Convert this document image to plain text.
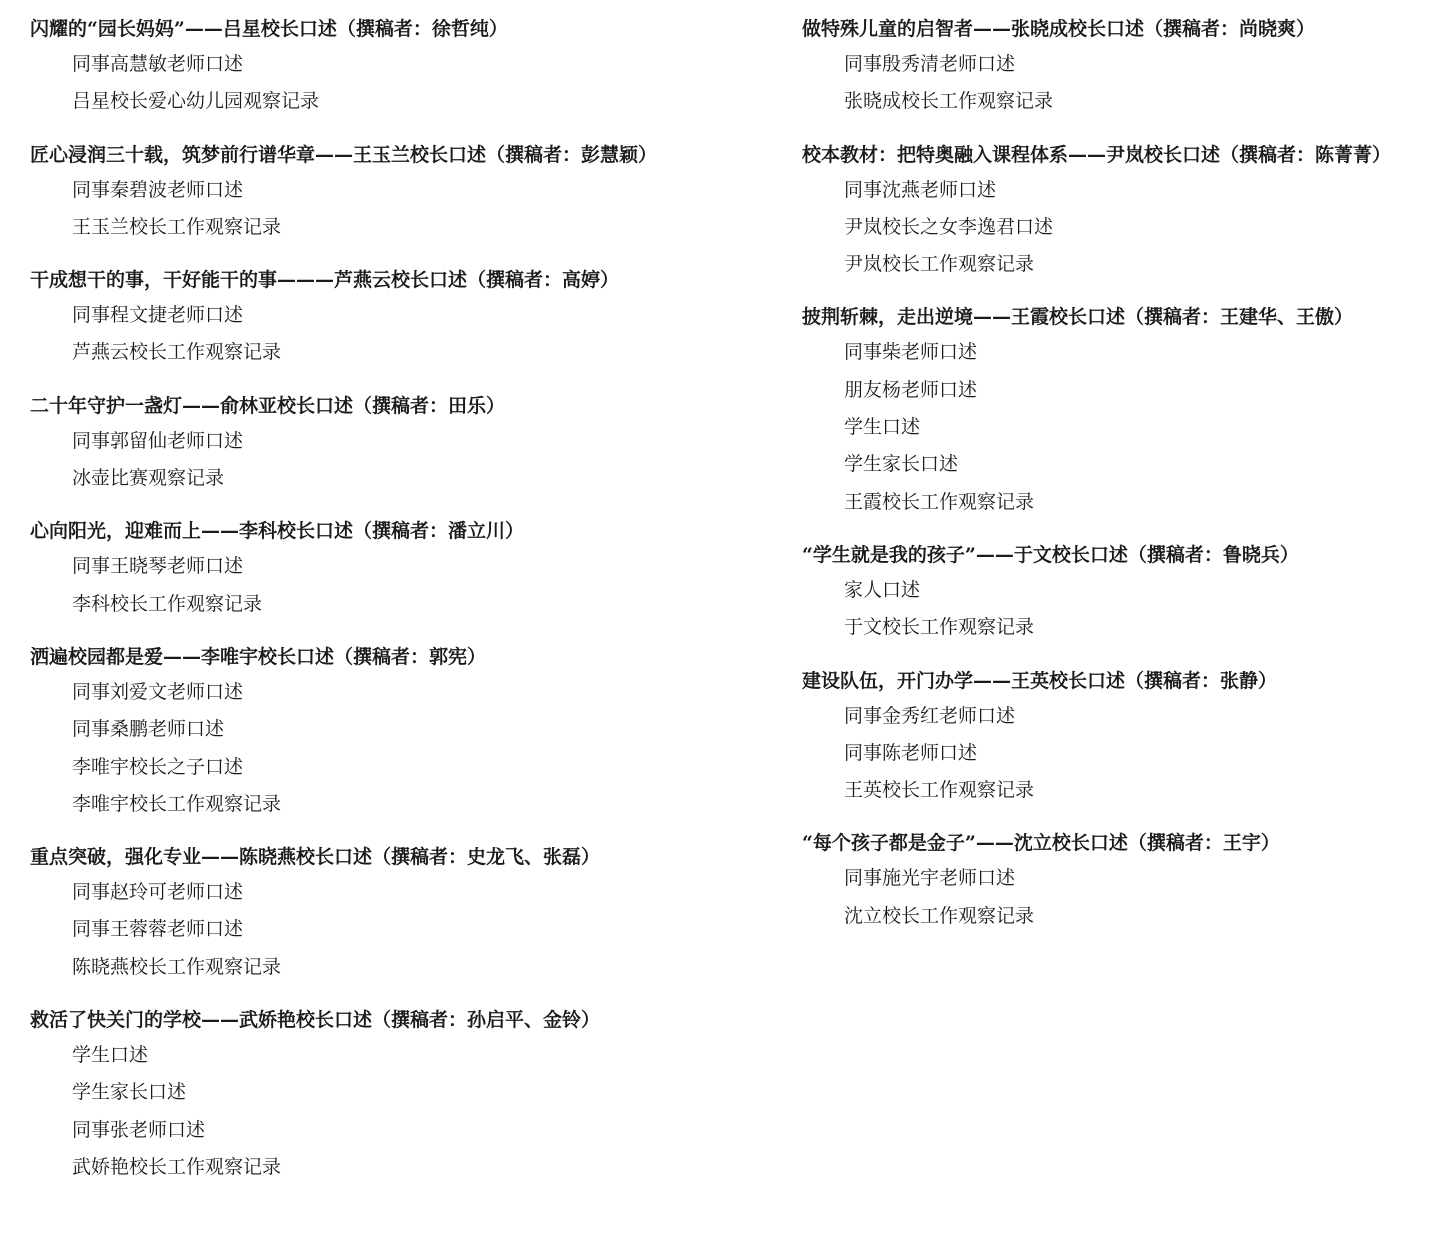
闪耀的“园长妈妈”——吕星校长口述（撰稿者：徐哲纯）
同事高慧敏老师口述
吕星校长爱心幼儿园观察记录
匠心浸润三十载，筑梦前行谱华章——王玉兰校长口述（撰稿者：彭慧颖）
同事秦碧波老师口述
王玉兰校长工作观察记录
干成想干的事，干好能干的事———芦燕云校长口述（撰稿者：高婷）
同事程文捷老师口述
芦燕云校长工作观察记录
二十年守护一盏灯——俞林亚校长口述（撰稿者：田乐）
同事郭留仙老师口述
冰壶比赛观察记录
心向阳光，迎难而上——李科校长口述（撰稿者：潘立川）
同事王晓琴老师口述
李科校长工作观察记录
洒遍校园都是爱——李唯宇校长口述（撰稿者：郭宪）
同事刘爱文老师口述
同事桑鹏老师口述
李唯宇校长之子口述
李唯宇校长工作观察记录
重点突破，强化专业——陈晓燕校长口述（撰稿者：史龙飞、张磊）
同事赵玲可老师口述
同事王蓉蓉老师口述
陈晓燕校长工作观察记录
救活了快关门的学校——武娇艳校长口述（撰稿者：孙启平、金铃）
学生口述
学生家长口述
同事张老师口述
武娇艳校长工作观察记录
做特殊儿童的启智者——张晓成校长口述（撰稿者：尚晓爽）
同事殷秀清老师口述
张晓成校长工作观察记录
校本教材：把特奥融入课程体系——尹岚校长口述（撰稿者：陈菁菁）
同事沈燕老师口述
尹岚校长之女李逸君口述
尹岚校长工作观察记录
披荆斩棘，走出逆境——王霞校长口述（撰稿者：王建华、王傲）
同事柴老师口述
朋友杨老师口述
学生口述
学生家长口述
王霞校长工作观察记录
“学生就是我的孩子”——于文校长口述（撰稿者：鲁晓兵）
家人口述
于文校长工作观察记录
建设队伍，开门办学——王英校长口述（撰稿者：张静）
同事金秀红老师口述
同事陈老师口述
王英校长工作观察记录
“每个孩子都是金子”——沈立校长口述（撰稿者：王宇）
同事施光宇老师口述
沈立校长工作观察记录
